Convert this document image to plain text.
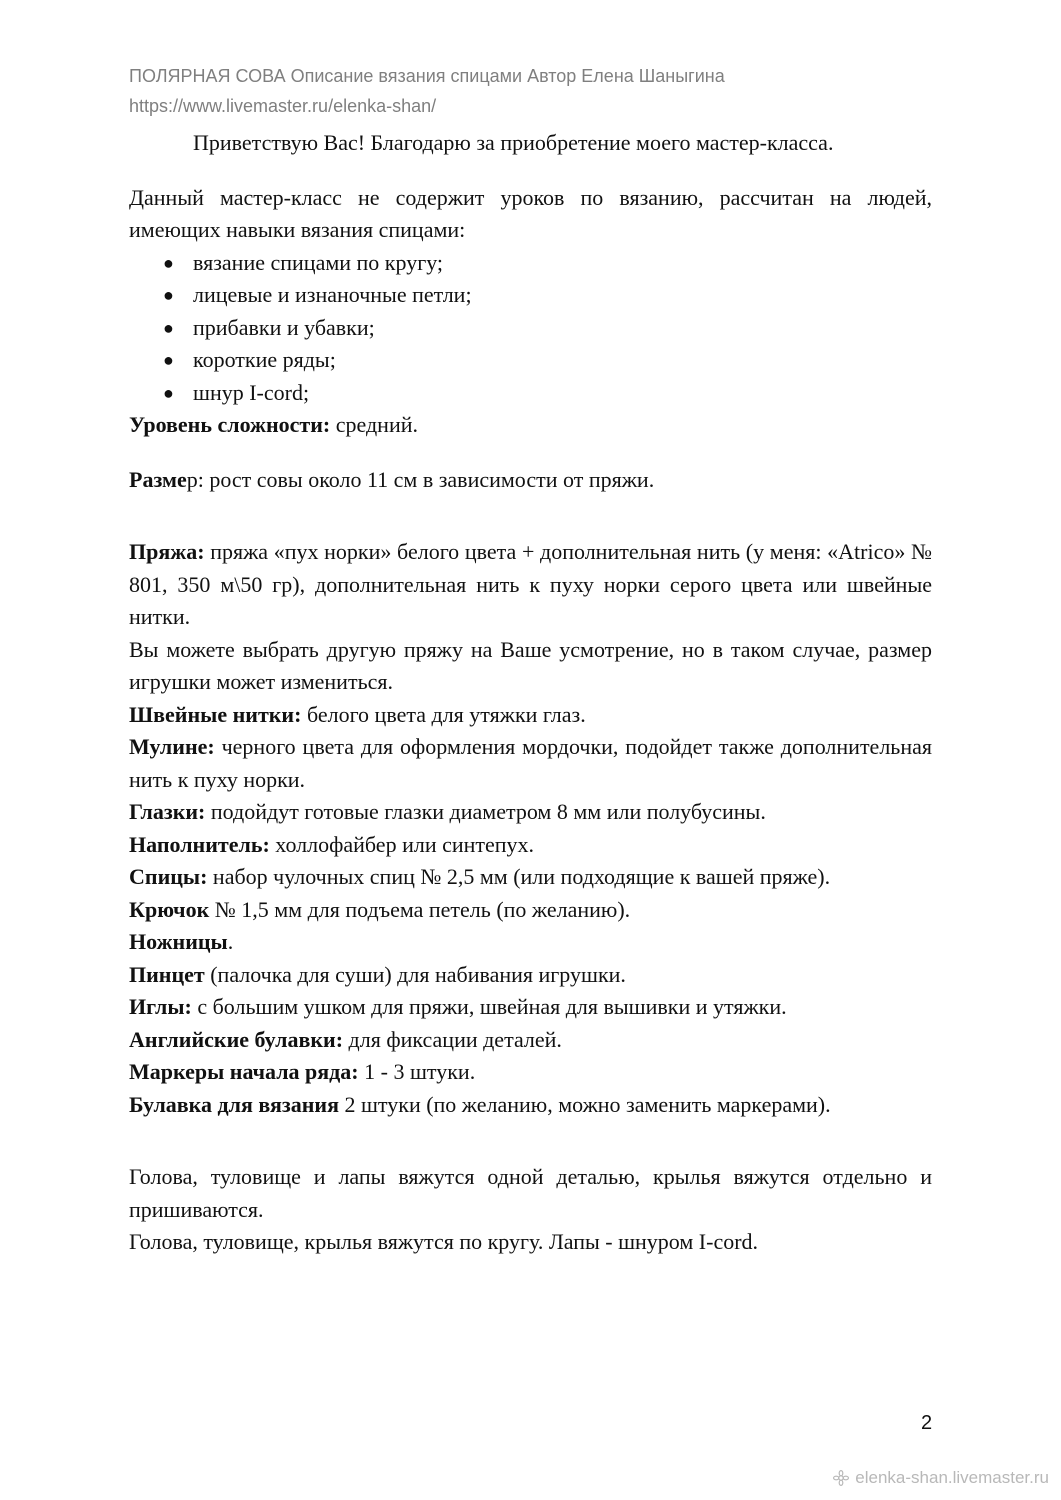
ПОЛЯРНАЯ СОВА Описание вязания спицами Автор Елена Шаныгина
https://www.livemaster.ru/elenka-shan/

Приветствую Вас! Благодарю за приобретение моего мастер-класса.

Данный мастер-класс не содержит уроков по вязанию, рассчитан на людей, имеющих навыки вязания спицами:

● вязание спицами по кругу;
● лицевые и изнаночные петли;
● прибавки и убавки;
● короткие ряды;
● шнур I-cord;

Уровень сложности: средний.

Размер: рост совы около 11 см в зависимости от пряжи.

Пряжа: пряжа «пух норки» белого цвета + дополнительная нить (у меня: «Atrico» № 801, 350 м\50 гр), дополнительная нить к пуху норки серого цвета или швейные нитки.

Вы можете выбрать другую пряжу на Ваше усмотрение, но в таком случае, размер игрушки может измениться.

Швейные нитки: белого цвета для утяжки глаз.

Мулине: черного цвета для оформления мордочки, подойдет также дополнительная нить к пуху норки.

Глазки: подойдут готовые глазки диаметром 8 мм или полубусины.

Наполнитель: холлофайбер или синтепух.

Спицы: набор чулочных спиц № 2,5 мм (или подходящие к вашей пряже).

Крючок № 1,5 мм для подъема петель (по желанию).

Ножницы.

Пинцет (палочка для суши) для набивания игрушки.

Иглы: с большим ушком для пряжи, швейная для вышивки и утяжки.

Английские булавки: для фиксации деталей.

Маркеры начала ряда: 1 - 3 штуки.

Булавка для вязания 2 штуки (по желанию, можно заменить маркерами).

Голова, туловище и лапы вяжутся одной деталью, крылья вяжутся отдельно и пришиваются.

Голова, туловище, крылья вяжутся по кругу. Лапы - шнуром I-cord.

2
elenka-shan.livemaster.ru
